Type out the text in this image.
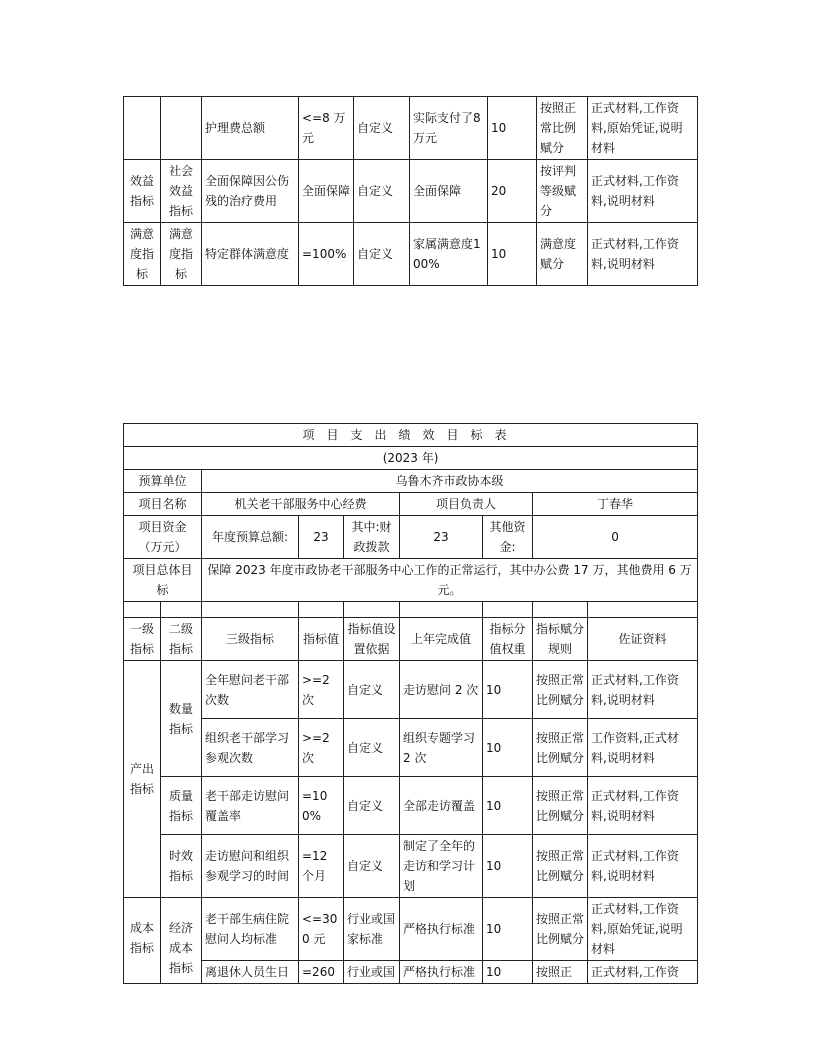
		护理费总额	<=8 万元	自定义	实际支付了8万元	10	按照正常比例赋分	正式材料,工作资料,原始凭证,说明材料
效益指标	社会效益指标	全面保障因公伤残的治疗费用	全面保障	自定义	全面保障	20	按评判等级赋分	正式材料,工作资料,说明材料
满意度指标	满意度指标	特定群体满意度	=100%	自定义	家属满意度100%	10	满意度赋分	正式材料,工作资料,说明材料
项目支出绩效目标表								
(2023 年)								
预算单位		乌鲁木齐市政协本级						
项目名称		机关老干部服务中心经费			项目负责人		丁春华	
项目资金（万元）		年度预算总额:	23	其中:财政拨款	23	其他资金:	0	
项目总体目标		保障 2023 年度市政协老干部服务中心工作的正常运行，其中办公费 17 万，其他费用 6 万元。						

一级指标	二级指标	三级指标	指标值	指标值设置依据	上年完成值	指标分值权重	指标赋分规则	佐证资料
产出指标	数量指标	全年慰问老干部次数	>=2 次	自定义	走访慰问 2 次	10	按照正常比例赋分	正式材料,工作资料,说明材料
		组织老干部学习参观次数	>=2 次	自定义	组织专题学习 2 次	10	按照正常比例赋分	工作资料,正式材料,说明材料
	质量指标	老干部走访慰问覆盖率	=100%	自定义	全部走访覆盖	10	按照正常比例赋分	正式材料,工作资料,说明材料
	时效指标	走访慰问和组织参观学习的时间	=12 个月	自定义	制定了全年的走访和学习计划	10	按照正常比例赋分	正式材料,工作资料,说明材料
成本指标	经济成本指标	老干部生病住院慰问人均标准	<=300 元	行业或国家标准	严格执行标准	10	按照正常比例赋分	正式材料,工作资料,原始凭证,说明材料
		离退休人员生日	=260	行业或国	严格执行标准	10	按照正	正式材料,工作资
